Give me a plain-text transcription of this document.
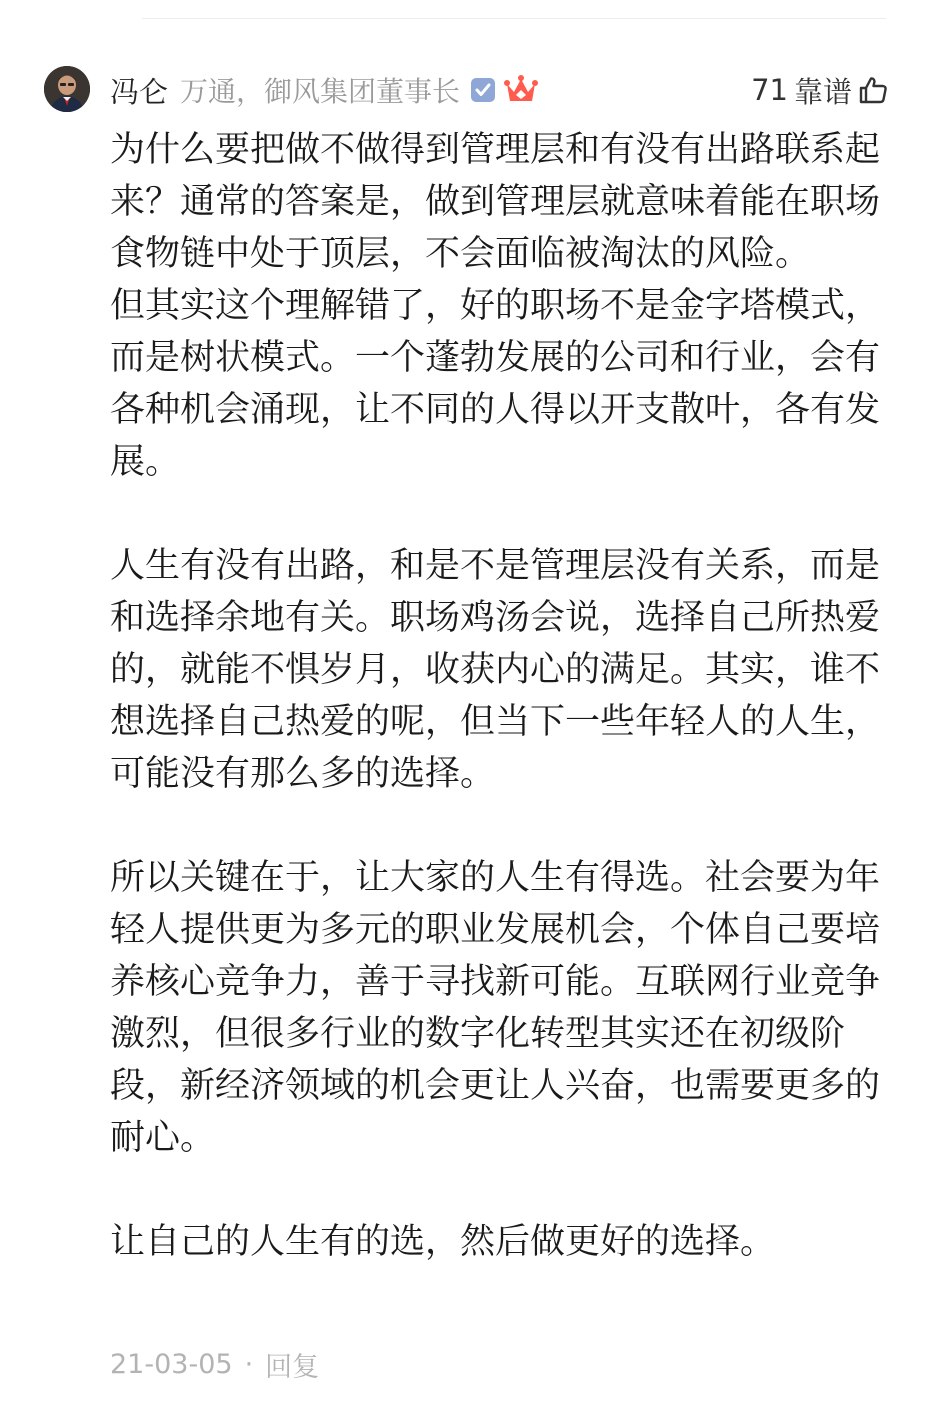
冯仑 万通，御风集团董事长	71 靠谱

为什么要把做不做得到管理层和有没有出路联系起来？通常的答案是，做到管理层就意味着能在职场食物链中处于顶层，不会面临被淘汰的风险。

但其实这个理解错了，好的职场不是金字塔模式，而是树状模式。一个蓬勃发展的公司和行业，会有各种机会涌现，让不同的人得以开支散叶，各有发展。

人生有没有出路，和是不是管理层没有关系，而是和选择余地有关。职场鸡汤会说，选择自己所热爱的，就能不惧岁月，收获内心的满足。其实，谁不想选择自己热爱的呢，但当下一些年轻人的人生，可能没有那么多的选择。

所以关键在于，让大家的人生有得选。社会要为年轻人提供更为多元的职业发展机会，个体自己要培养核心竞争力，善于寻找新可能。互联网行业竞争激烈，但很多行业的数字化转型其实还在初级阶段，新经济领域的机会更让人兴奋，也需要更多的耐心。

让自己的人生有的选，然后做更好的选择。

21-03-05 · 回复
